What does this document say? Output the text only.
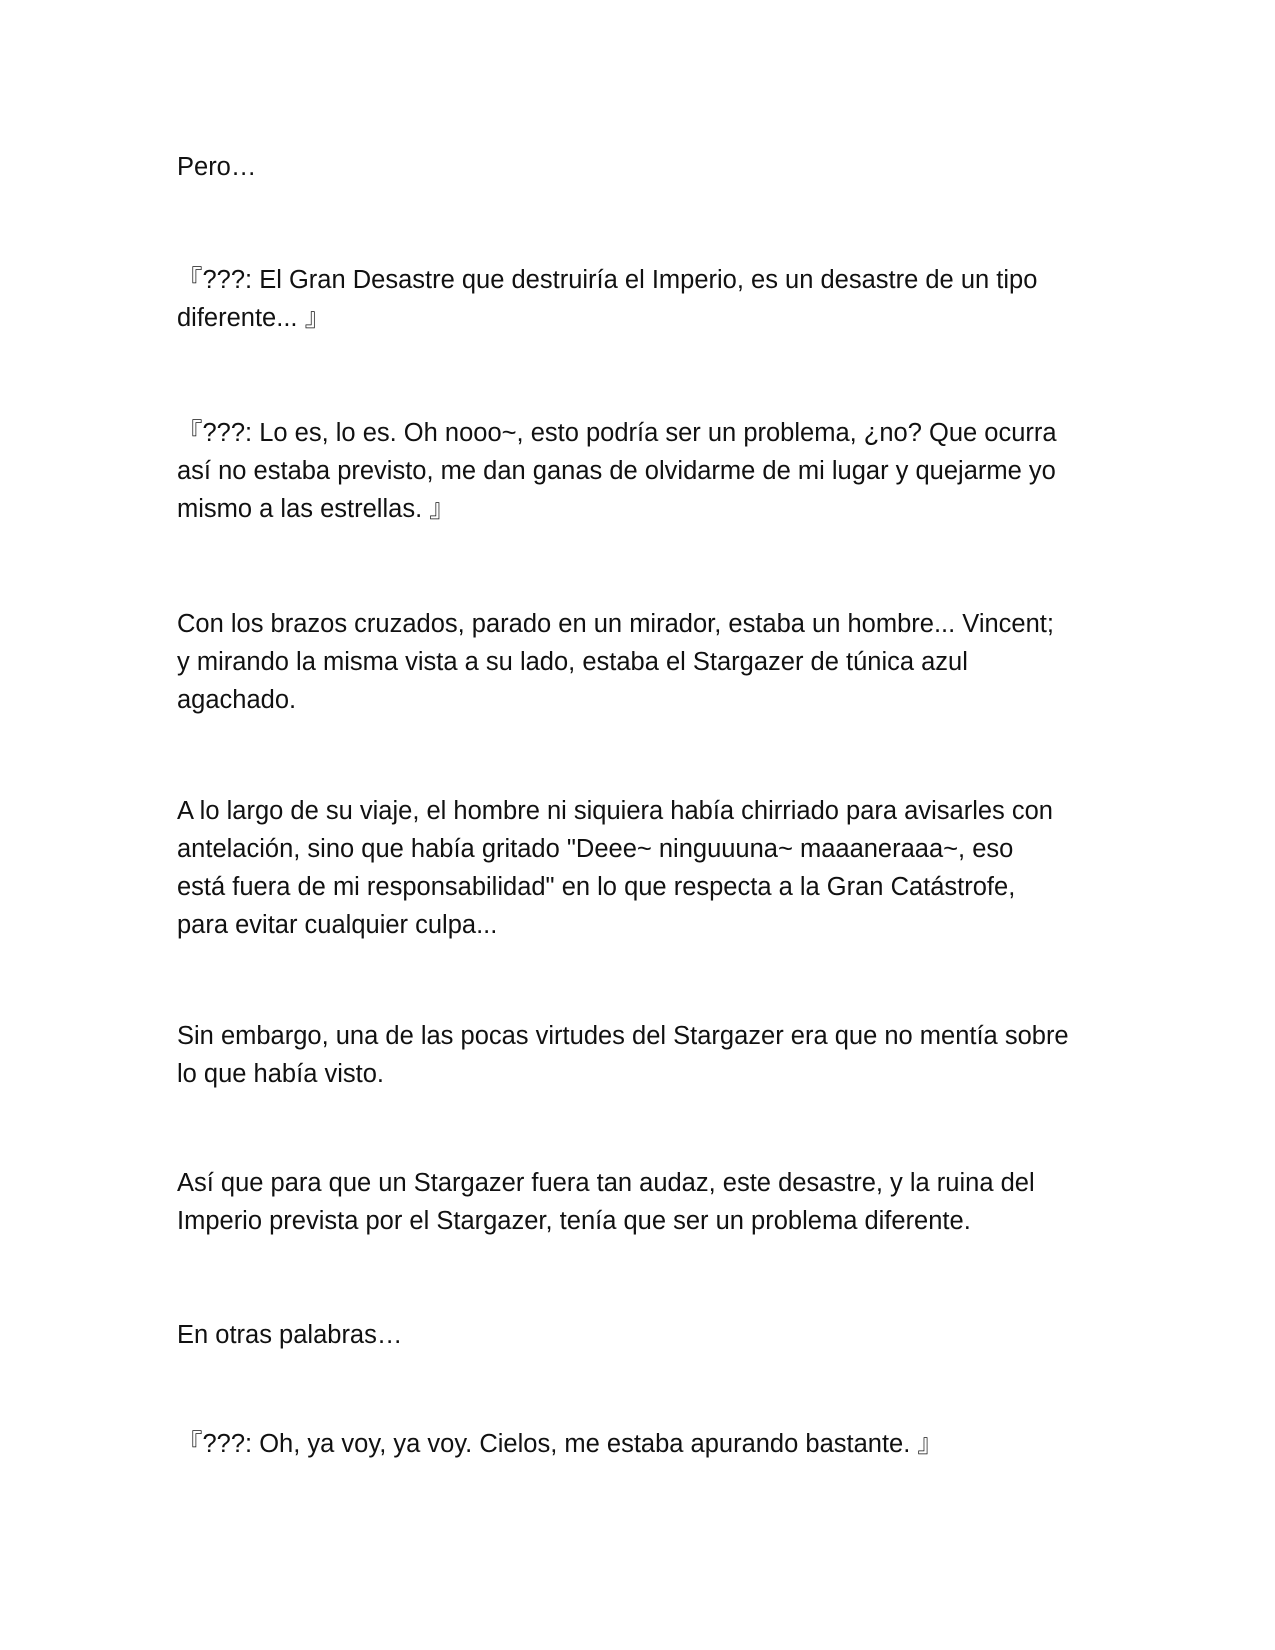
Pero…

『???: El Gran Desastre que destruiría el Imperio, es un desastre de un tipo
diferente... 』

『???: Lo es, lo es. Oh nooo~, esto podría ser un problema, ¿no? Que ocurra
así no estaba previsto, me dan ganas de olvidarme de mi lugar y quejarme yo
mismo a las estrellas. 』

Con los brazos cruzados, parado en un mirador, estaba un hombre... Vincent;
y mirando la misma vista a su lado, estaba el Stargazer de túnica azul
agachado.

A lo largo de su viaje, el hombre ni siquiera había chirriado para avisarles con
antelación, sino que había gritado "Deee~ ninguuuna~ maaaneraaa~, eso
está fuera de mi responsabilidad" en lo que respecta a la Gran Catástrofe,
para evitar cualquier culpa...

Sin embargo, una de las pocas virtudes del Stargazer era que no mentía sobre
lo que había visto.

Así que para que un Stargazer fuera tan audaz, este desastre, y la ruina del
Imperio prevista por el Stargazer, tenía que ser un problema diferente.

En otras palabras…

『???: Oh, ya voy, ya voy. Cielos, me estaba apurando bastante. 』
